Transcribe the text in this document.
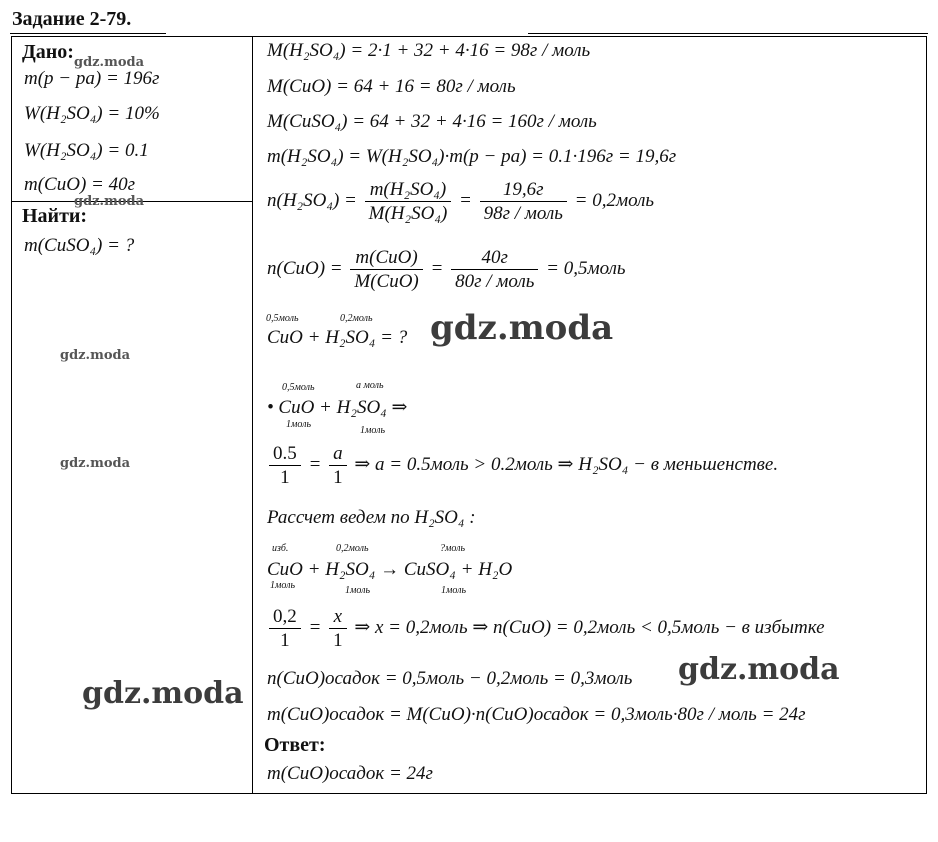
Задание 2-79.
Дано:
m(p − pa) = 196г
W(H₂SO₄) = 10%
W(H₂SO₄) = 0.1
m(CuO) = 40г
Найти:
m(CuSO₄) = ?
M(H₂SO₄) = 2·1 + 32 + 4·16 = 98г / моль
M(CuO) = 64 + 16 = 80г / моль
M(CuSO₄) = 64 + 32 + 4·16 = 160г / моль
m(H₂SO₄) = W(H₂SO₄)·m(p − pa) = 0.1·196г = 19,6г
$n(H_2SO_4) = \frac{\text{m(H₂SO₄)}}{\text{M(H₂SO₄)}} = \frac{19,6г}{\text{98г / моль}}$ = 0,2моль
$n(CuO) = \frac{\text{m(CuO)}}{\text{M(CuO)}} = \frac{40г}{\text{80г / моль}}$ = 0,5моль
0,5моль	0,2моль
CuO + H₂SO₄ = ?
0,5моль	a моль
• CuO + H₂SO₄ ⇒
1моль
1моль
$\frac{0.5}{1} = \frac{a}{1}$ ⇒ a = 0.5моль > 0.2моль ⇒ H₂SO₄ − в меньшенстве.
Рассчет ведем по H₂SO₄ :
изб.	0,2моль	?моль
CuO + H₂SO₄ → CuSO₄ + H₂O
1моль	1моль	1моль
$\frac{0,2}{1} = \frac{x}{1}$ ⇒ x = 0,2моль ⇒ n(CuO) = 0,2моль < 0,5моль − в избытке
n(CuO)осадок = 0,5моль − 0,2моль = 0,3моль
m(CuO)осадок = M(CuO)·n(CuO)осадок = 0,3моль·80г / моль = 24г
Ответ:
m(CuO)осадок = 24г
gdz.moda
gdz.moda
gdz.moda
gdz.moda
gdz.moda
gdz.moda
gdz.moda
